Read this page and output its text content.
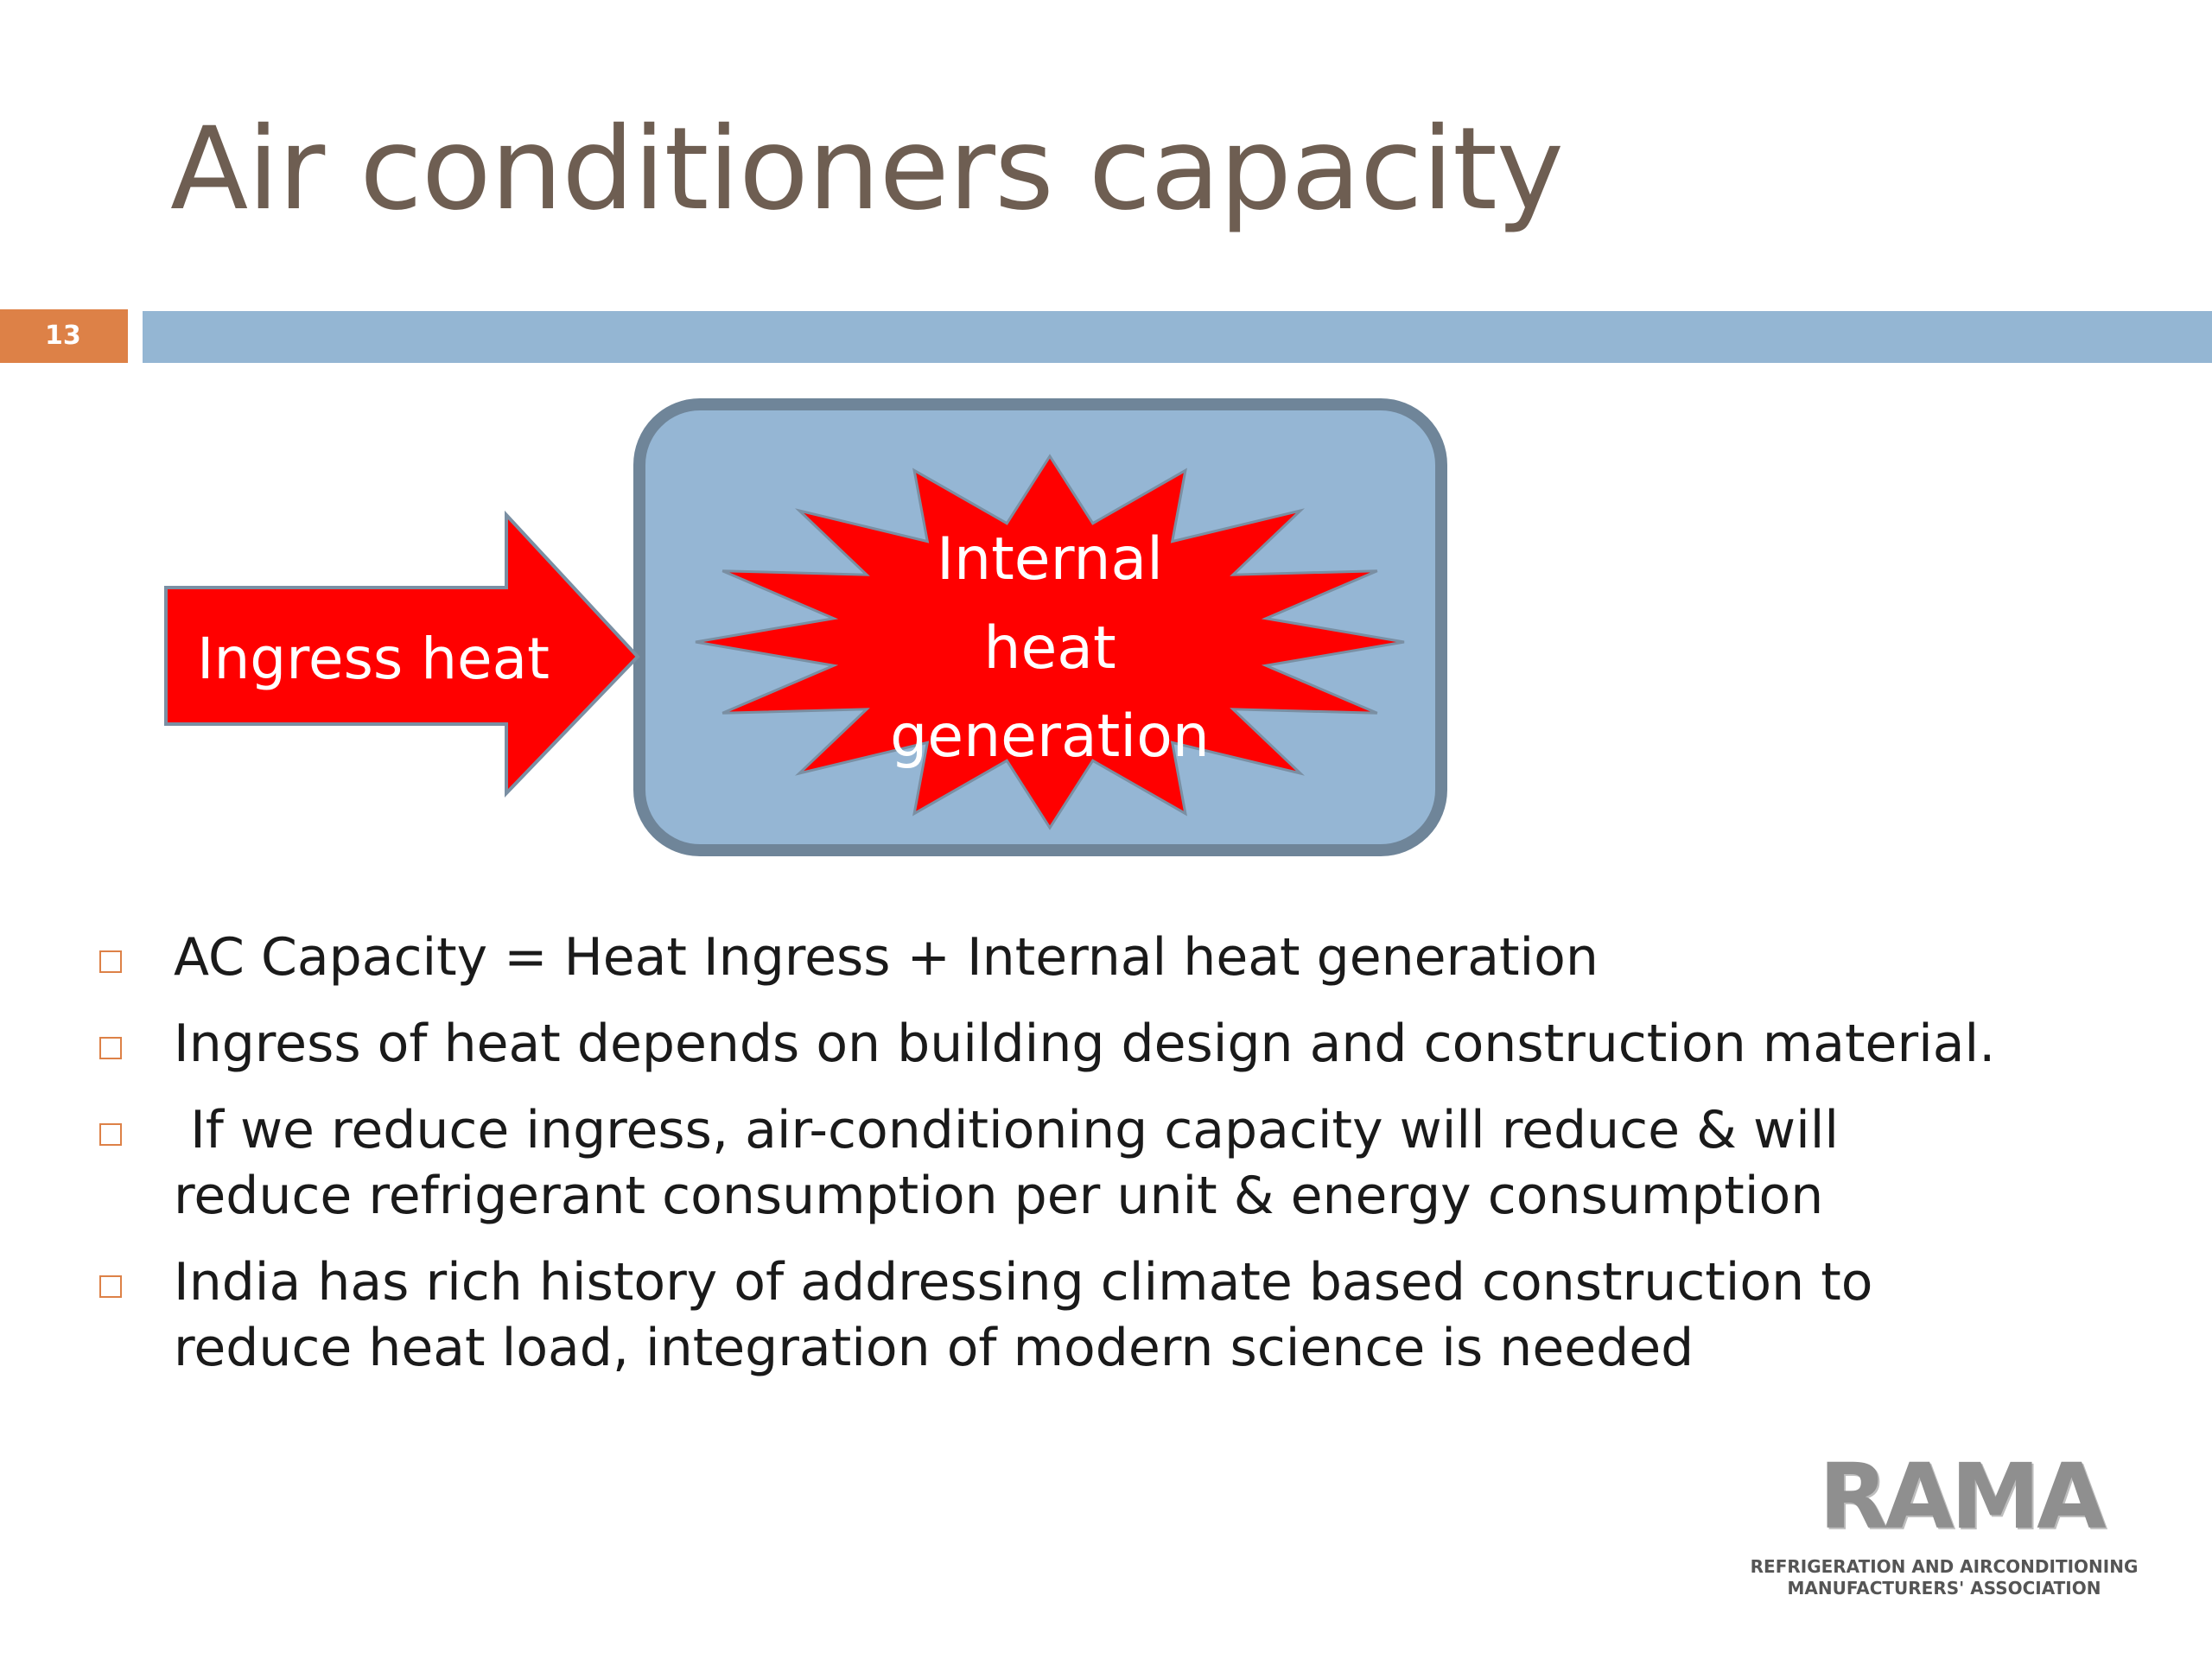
Air conditioners capacity
13
Ingress heat
Internal
heat
generation
AC Capacity = Heat Ingress + Internal heat generation
Ingress of heat depends on building design and construction material.
If we reduce ingress, air-conditioning capacity will reduce & will
reduce refrigerant consumption per unit & energy consumption
India has rich history of addressing climate based construction to
reduce heat load, integration of modern science is needed
RAMA
REFRIGERATION AND AIRCONDITIONING
MANUFACTURERS' ASSOCIATION
